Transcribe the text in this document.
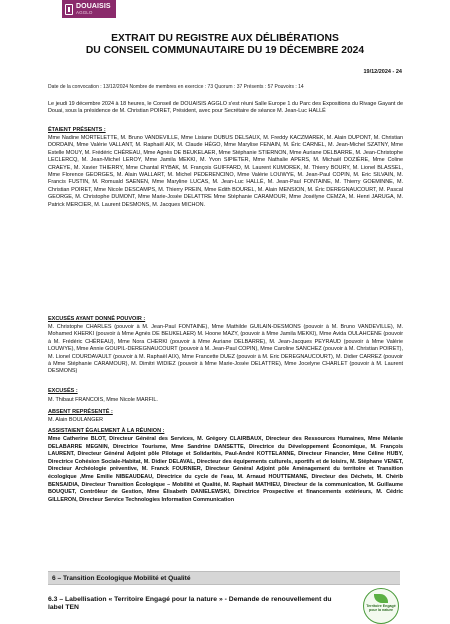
DOUAISIS
AGGLO
EXTRAIT DU REGISTRE AUX DÉLIBÉRATIONS
DU CONSEIL COMMUNAUTAIRE DU 19 DÉCEMBRE 2024
19/12/2024 - 24
Date de la convocation : 13/12/2024 Nombre de membres en exercice : 73 Quorum : 37 Présents : 57 Pouvoirs : 14
Le jeudi 19 décembre 2024 à 18 heures, le Conseil de DOUAISIS AGGLO s'est réuni Salle Europe 1 du Parc des Expositions du Rivage Gayant de Douai, sous la présidence de M. Christian POIRET, Président, avec pour Secrétaire de séance M. Jean-Luc HALLÉ
ÉTAIENT PRÉSENTS :
Mme Nadine MORTELETTE, M. Bruno VANDEVILLE, Mme Lisiane DUBUS DELSAUX, M. Freddy KACZMAREK, M. Alain DUPONT, M. Christian DORDAIN, Mme Valérie VALLANT, M. Raphaël AIX, M. Claude HÉGO, Mme Marylise FENAIN, M. Éric CARNEL, M. Jean-Michel SZATNY, Mme Estelle MOUY, M. Frédéric CHÉREAU, Mme Agnès DE BEUKELAER, Mme Stéphanie STIERNON, Mme Auriane DELBARRE, M. Jean-Christophe LECLERCQ, M. Jean-Michel LEROY, Mme Jamila MEKKI, M. Yvon SIPIETER, Mme Nathalie APERS, M. Michaël DOZIÈRE, Mme Coline CRAEYE, M. Xavier THIERRY, Mme Chantal RYBAK, M. François GUIFFARD, M. Laurent KUMOREK, M. Thierry BOURY, M. Lionel BLASSEL, Mme Florence GEORGES, M. Alain WALLART, M. Michel PEDERENCINO, Mme Valérie LOUWYE, M. Jean-Paul COPIN, M. Eric SILVAIN, M. Francis FUSTIN, M. Romuald SAENEN, Mme Maryline LUCAS, M. Jean-Luc HALLÉ, M. Jean-Paul FONTAINE, M. Thierry GOEMINNE, M. Christian POIRET, Mme Nicole DESCAMPS, M. Thierry PREIN, Mme Edith BOUREL, M. Alain MENSION, M. Éric DEREGNAUCOURT, M. Pascal GEORGE, M. Christophe DUMONT, Mme Marie-Josée DELATTRE Mme Stéphanie CARAMOUR, Mme Josélyne CEMZA, M. Henri JARUGA, M. Patrick MERCIER, M. Laurent DESMONS, M. Jacques MICHON.
EXCUSÉS AYANT DONNÉ POUVOIR :
M. Christophe CHARLES (pouvoir à M. Jean-Paul FONTAINE), Mme Mathilde GUILAIN-DESMONS (pouvoir à M. Bruno VANDEVILLE), M. Mohamed KHERKI (pouvoir à Mme Agnès DE BEUKELAER) M. Hoone MAZY, (pouvoir à Mme Jamila MEKKI), Mme Avida OULAHCENE (pouvoir à M. Frédéric CHÉREAU), Mme Nora CHERKI (pouvoir à Mme Auriane DELBARRE), M. Jean-Jacques PEYRAUD (pouvoir à Mme Valérie LOUWYE), Mme Annie GOUPIL-DEREGNAUCOURT (pouvoir à M. Jean-Paul COPIN), Mme Caroline SANCHEZ (pouvoir à M. Christian POIRET), M. Lionel COURDAVAULT (pouvoir à M. Raphaël AIX), Mme Francette DUEZ (pouvoir à M. Eric DEREGNAUCOURT), M. Didier CARREZ (pouvoir à Mme Stéphanie CARAMOUR), M. Dimitri WIDIEZ (pouvoir à Mme Marie-Josée DELATTRE), Mme Jocelyne CHARLET (pouvoir à M. Laurent DESMONS)
EXCUSÉS :
M. Thibaut FRANCOIS, Mme Nicole MARFIL.
ABSENT REPRÉSENTÉ :
M. Alain BOULANGER
ASSISTAIENT ÉGALEMENT À LA RÉUNION :
Mme Catherine BLOT, Directeur Général des Services, M. Grégory CLAIRBAUX, Directeur des Ressources Humaines, Mme Mélanie DELABARRE MEGNIN, Directrice Tourisme, Mme Sandrine DANSETTE, Directrice du Développement Économique, M. François LAURENT, Directeur Général Adjoint pôle Pilotage et Solidarités, Paul-André KOTTELANNE, Directeur Financier, Mme Céline HUBY, Directrice Cohésion Sociale-Habitat, M. Didier DELAVAL, Directeur des équipements culturels, sportifs et de loisirs, M. Stéphane VENET, Directeur Archéologie préventive, M. Franck FOURNIER, Directeur Général Adjoint pôle Aménagement du territoire et Transition écologique ,Mme Emilie NIBEAUDEAU, Directrice du cycle de l'eau, M. Arnaud HOUTTEMANE, Directeur des Déchets, M. Chérib BENSAIDIA, Directeur Transition Écologique – Mobilité et Qualité, M. Raphaël MATHIEU, Directeur de la communication, M. Guillaume BOUQUET, Contrôleur de Gestion, Mme Élisabeth DANIELEWSKI, Directrice Prospective et financements extérieurs, M. Cédric GILLERON, Directeur Service Technologies Information Communication
6 – Transition Ecologique Mobilité et Qualité
6.3 – Labellisation « Territoire Engagé pour la nature » - Demande de renouvellement du label TEN	Territoire Engagé pour la nature
